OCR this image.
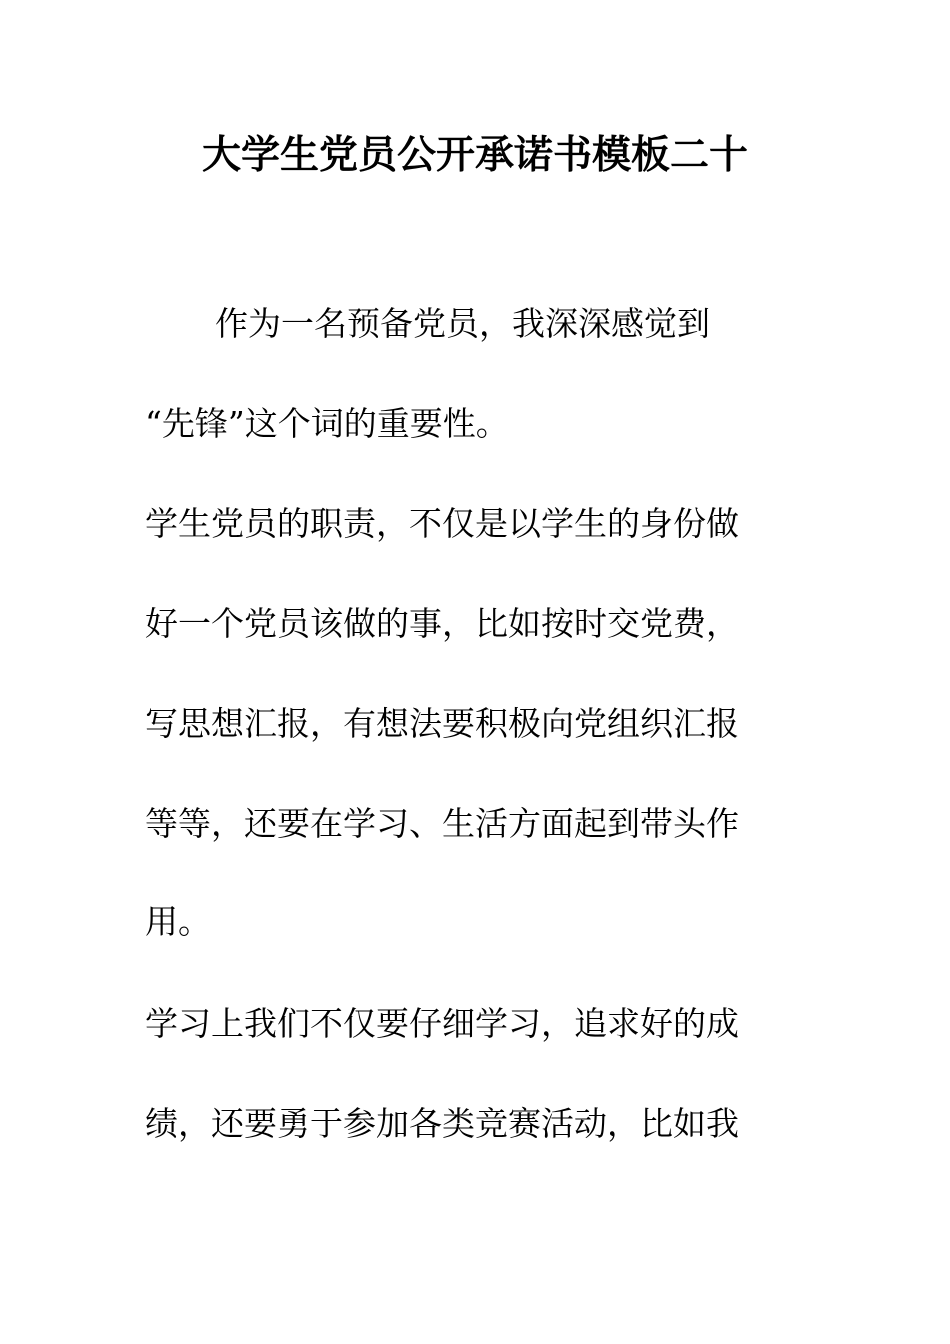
大学生党员公开承诺书模板二十

作为一名预备党员，我深深感觉到

“先锋”这个词的重要性。

学生党员的职责，不仅是以学生的身份做

好一个党员该做的事，比如按时交党费，

写思想汇报，有想法要积极向党组织汇报

等等，还要在学习、生活方面起到带头作

用。

学习上我们不仅要仔细学习，追求好的成

绩，还要勇于参加各类竞赛活动，比如我
